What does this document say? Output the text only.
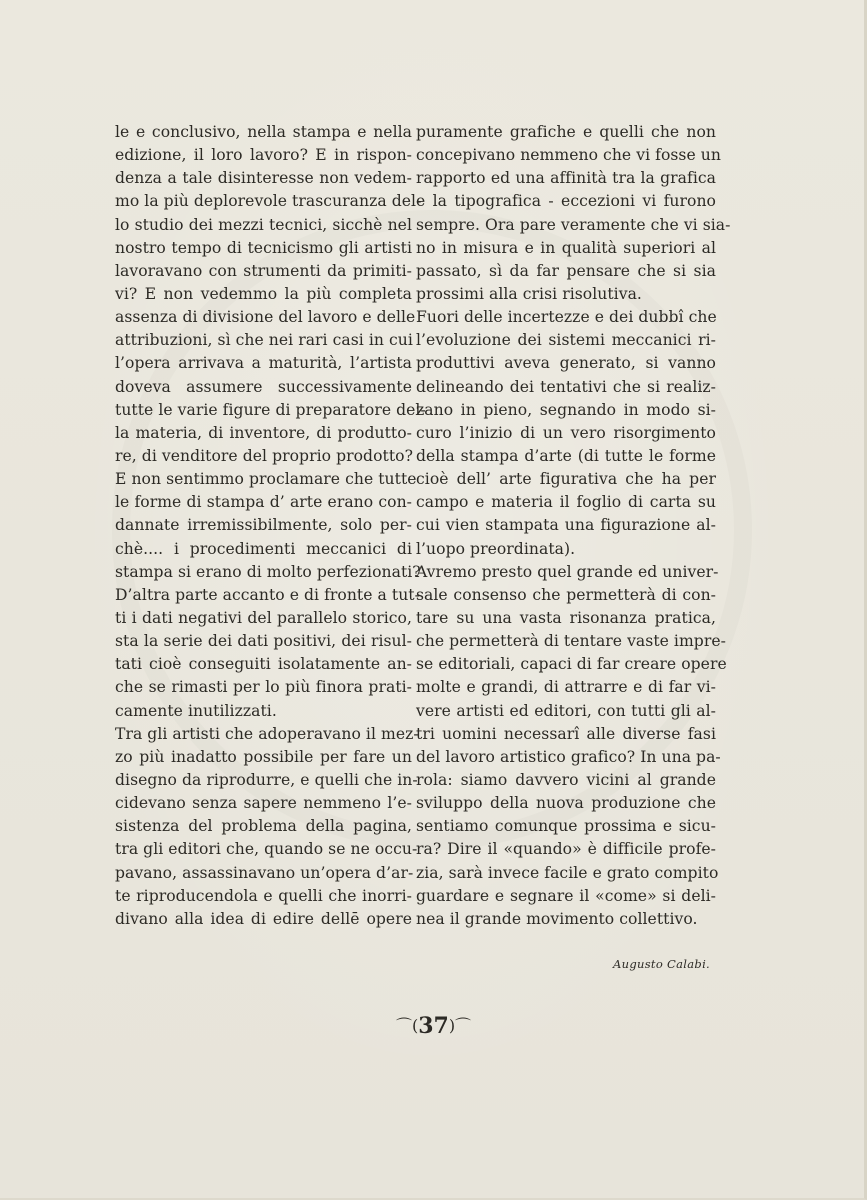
le e conclusivo, nella stampa e nella
edizione, il loro lavoro? E in rispon-
denza a tale disinteresse non vedem-
mo la più deplorevole trascuranza del-
lo studio dei mezzi tecnici, sicchè nel
nostro tempo di tecnicismo gli artisti
lavoravano con strumenti da primiti-
vi? E non vedemmo la più completa
assenza di divisione del lavoro e delle
attribuzioni, sì che nei rari casi in cui
l’opera arrivava a maturità, l’artista
doveva assumere successivamente
tutte le varie figure di preparatore del-
la materia, di inventore, di produtto-
re, di venditore del proprio prodotto?
E non sentimmo proclamare che tutte
le forme di stampa d’ arte erano con-
dannate irremissibilmente, solo per-
chè.... i procedimenti meccanici di
stampa si erano di molto perfezionati?
D’altra parte accanto e di fronte a tut-
ti i dati negativi del parallelo storico,
sta la serie dei dati positivi, dei risul-
tati cioè conseguiti isolatamente an-
che se rimasti per lo più finora prati-
camente inutilizzati.
Tra gli artisti che adoperavano il mez-
zo più inadatto possibile per fare un
disegno da riprodurre, e quelli che in-
cidevano senza sapere nemmeno l’e-
sistenza del problema della pagina,
tra gli editori che, quando se ne occu-
pavano, assassinavano un’opera d’ar-
te riproducendola e quelli che inorri-
divano alla idea di edire dellē opere
puramente grafiche e quelli che non
concepivano nemmeno che vi fosse un
rapporto ed una affinità tra la grafica
e la tipografica - eccezioni vi furono
sempre. Ora pare veramente che vi sia-
no in misura e in qualità superiori al
passato, sì da far pensare che si sia
prossimi alla crisi risolutiva.
Fuori delle incertezze e dei dubbî che
l’evoluzione dei sistemi meccanici ri-
produttivi aveva generato, si vanno
delineando dei tentativi che si realiz-
zano in pieno, segnando in modo si-
curo l’inizio di un vero risorgimento
della stampa d’arte (di tutte le forme
cioè dell’ arte figurativa che ha per
campo e materia il foglio di carta su
cui vien stampata una figurazione al-
l’uopo preordinata).
Avremo presto quel grande ed univer-
sale consenso che permetterà di con-
tare su una vasta risonanza pratica,
che permetterà di tentare vaste impre-
se editoriali, capaci di far creare opere
molte e grandi, di attrarre e di far vi-
vere artisti ed editori, con tutti gli al-
tri uomini necessarî alle diverse fasi
del lavoro artistico grafico? In una pa-
rola: siamo davvero vicini al grande
sviluppo della nuova produzione che
sentiamo comunque prossima e sicu-
ra? Dire il «quando» è difficile profe-
zia, sarà invece facile e grato compito
guardare e segnare il «come» si deli-
nea il grande movimento collettivo.
Augusto Calabi.
⌒(37)⌒
